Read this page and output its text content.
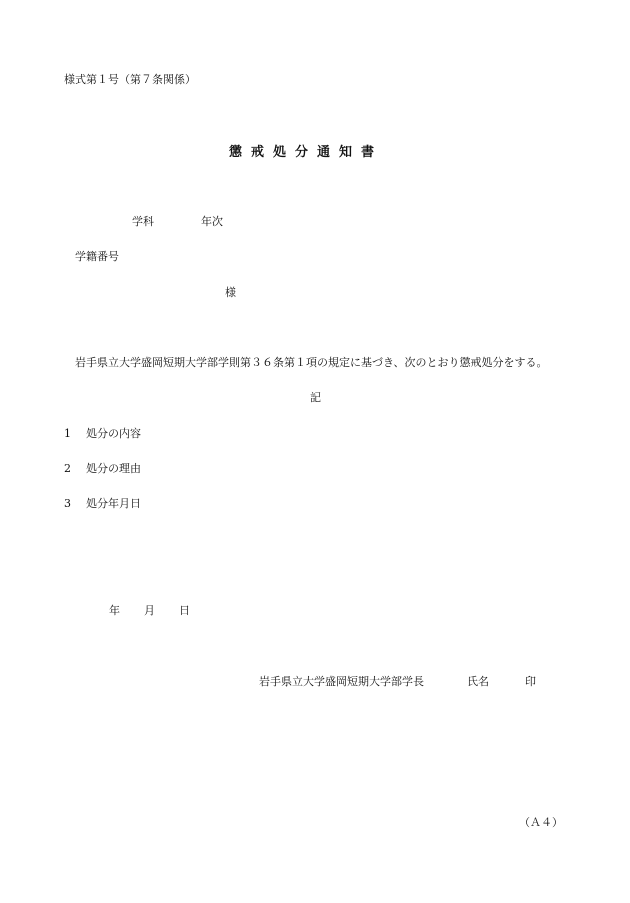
様式第１号（第７条関係）
懲戒処分通知書
学科	年次
学籍番号
様
岩手県立大学盛岡短期大学部学則第３６条第１項の規定に基づき、次のとおり懲戒処分をする。
記
1 処分の内容
2 処分の理由
3 処分年月日
年 月 日
岩手県立大学盛岡短期大学部学長	氏名	印
（Ａ４）
